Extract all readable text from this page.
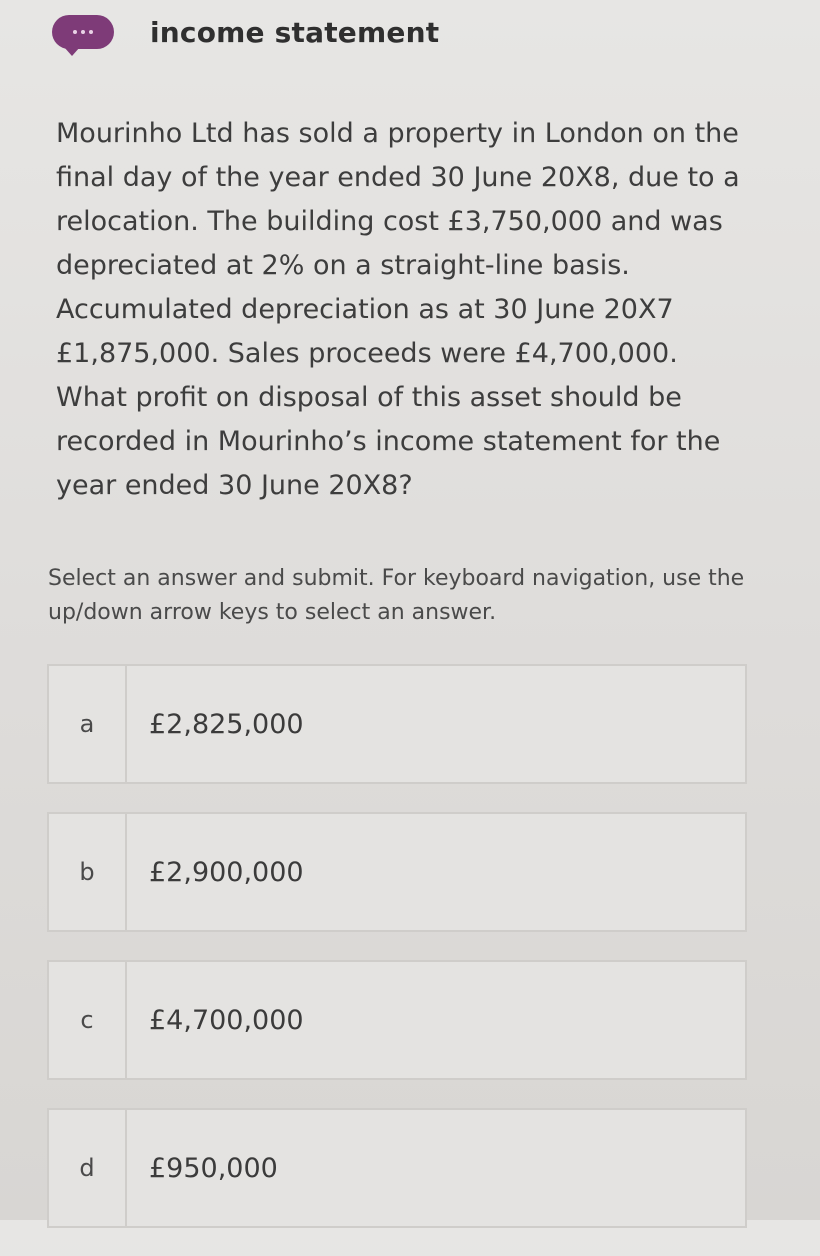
income statement

Mourinho Ltd has sold a property in London on the final day of the year ended 30 June 20X8, due to a relocation. The building cost £3,750,000 and was depreciated at 2% on a straight-line basis. Accumulated depreciation as at 30 June 20X7 £1,875,000. Sales proceeds were £4,700,000. What profit on disposal of this asset should be recorded in Mourinho’s income statement for the year ended 30 June 20X8?

Select an answer and submit. For keyboard navigation, use the up/down arrow keys to select an answer.

a	£2,825,000
b	£2,900,000
c	£4,700,000
d	£950,000
